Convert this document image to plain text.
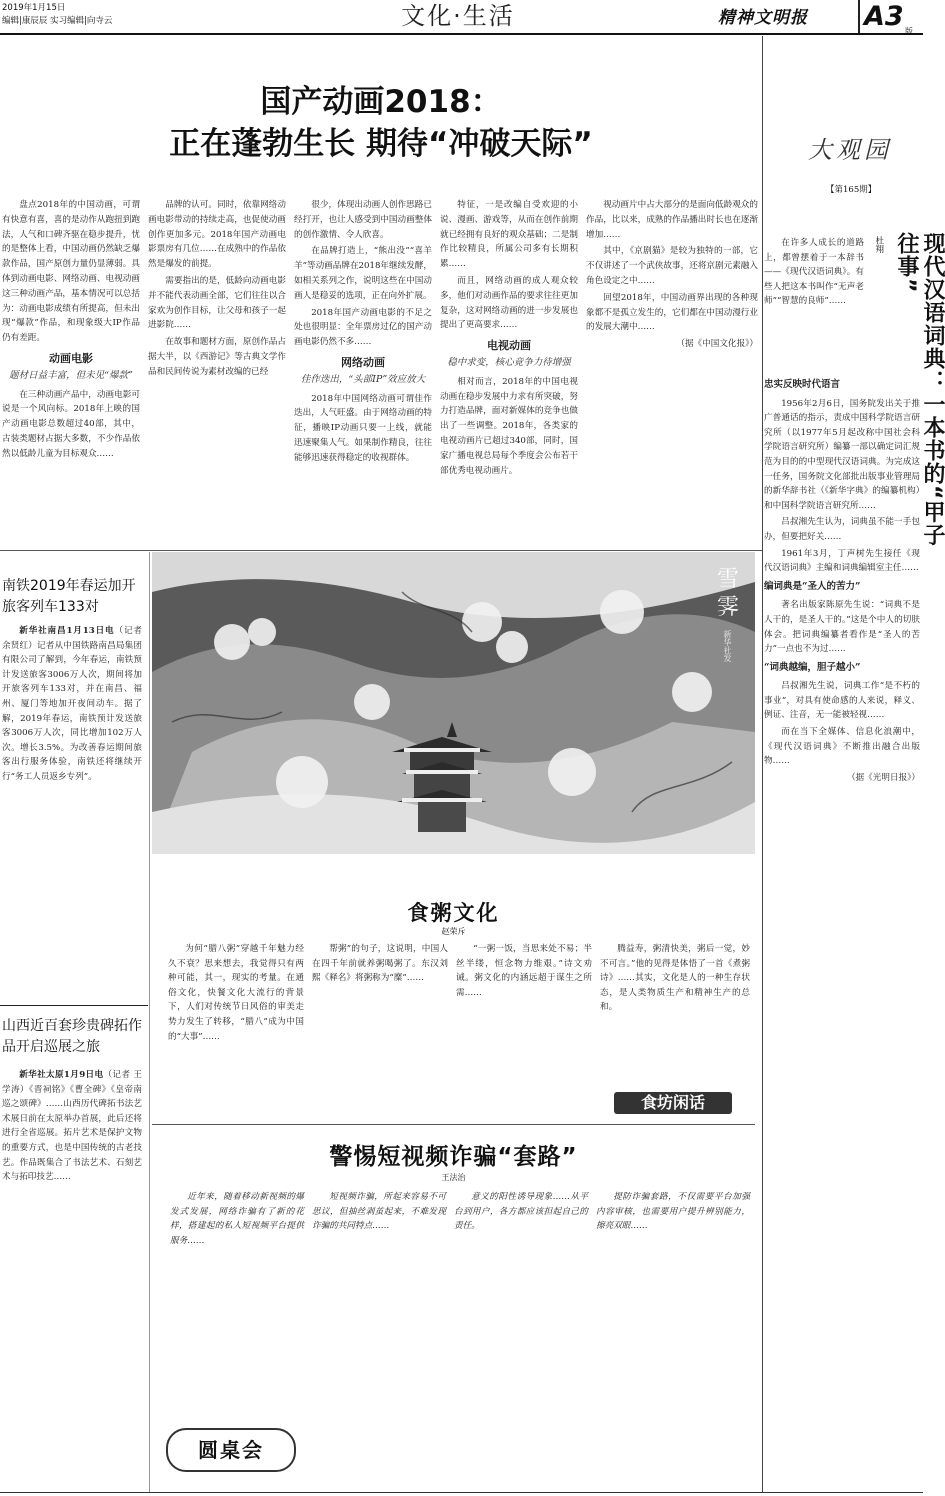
2019年1月15日
编辑|康辰辰 实习编辑|向寺云	文化·生活	精神文明报 A3 版
国产动画2018：
正在蓬勃生长 期待“冲破天际”

盘点2018年的中国动画，可谓有快意有喜，喜的是动作从跑扭到跑法，人气和口碑齐驱在稳步提升，忧的是整体上看，中国动画仍然缺乏爆款作品，国产原创力量仍显薄弱。具体到动画电影、网络动画、电视动画这三种动画产品，基本情况可以总括为：动画电影成绩有所提高，但未出现“爆款”作品，和现象级大IP作品仍有差距。

动画电影
题材日益丰富，但未见“爆款”

在三种动画产品中，动画电影可说是一个风向标。2018年上映的国产动画电影总数超过40部，其中，古装类题材占据大多数，不少作品依然以低龄儿童为目标观众……

品牌的认可。同时，依靠网络动画电影带动的持续走高，也促使动画创作更加多元。2018年国产动画电影票房有几位……在成熟中的作品依然是爆发的前提。

需要指出的是，低龄向动画电影并不能代表动画全部，它们往往以合家欢为创作目标，让父母和孩子一起进影院……

在故事和题材方面，原创作品占据大半，以《西游记》等古典文学作品和民间传说为素材改编的已经

很少，体现出动画人创作思路已经打开，也让人感受到中国动画整体的创作激情、令人欣喜。

在品牌打造上，“熊出没”“喜羊羊”等动画品牌在2018年继续发酵，如相关系列之作，说明这些在中国动画人是稳妥的选项，正在向外扩展。

2018年国产动画电影的不足之处也很明显：全年票房过亿的国产动画电影仍然不多……

网络动画
佳作迭出，“头部IP”效应放大

2018年中国网络动画可谓佳作迭出，人气旺盛。由于网络动画的特征，播映IP动画只要一上线，就能迅速聚集人气。如果制作精良，往往能够迅速获得稳定的收视群体。

特征，一是改编自受欢迎的小说、漫画、游戏等，从而在创作前期就已经拥有良好的观众基础；二是制作比较精良，所属公司多有长期积累……

而且，网络动画的成人观众较多，他们对动画作品的要求往往更加复杂，这对网络动画的进一步发展也提出了更高要求……

电视动画
稳中求变，核心竞争力待增强

相对而言，2018年的中国电视动画在稳步发展中力求有所突破，努力打造品牌，面对新媒体的竞争也做出了一些调整。2018年，各类家的电视动画片已超过340部，同时，国家广播电视总局每个季度会公布若干部优秀电视动画片。

视动画片中占大部分的是面向低龄观众的作品，比以来，成熟的作品播出时长也在逐渐增加……

其中，《京剧猫》是较为独特的一部，它不仅讲述了一个武侠故事，还将京剧元素融入角色设定之中……

回望2018年，中国动画界出现的各种现象都不是孤立发生的，它们都在中国动漫行业的发展大潮中……

（据《中国文化报》）
南铁2019年春运加开旅客列车133对

新华社南昌1月13日电（记者 余贤红）记者从中国铁路南昌局集团有限公司了解到，今年春运，南铁预计发送旅客3006万人次，期间将加开旅客列车133对，并在南昌、福州、厦门等地加开夜间动车。据了解，2019年春运，南铁预计发送旅客3006万人次，同比增加102万人次。增长3.5%。为改善春运期间旅客出行服务体验，南铁还将继续开行“务工人员返乡专列”。

山西近百套珍贵碑拓作品开启巡展之旅

新华社太原1月9日电（记者 王学涛）《晋祠铭》《曹全碑》《皇帝南巡之颂碑》……山西历代碑拓书法艺术展日前在太原举办首展，此后还将进行全省巡展。拓片艺术是保护文物的重要方式，也是中国传统的古老技艺。作品既集合了书法艺术、石刻艺术与拓印技艺……

雪
霁
新华社发
食粥文化
赵荣斥

为何“腊八粥”穿越千年魅力经久不衰？思来想去，我觉得只有两种可能，其一，现实的考量。在通俗文化，快餐文化大流行的背景下，人们对传统节日风俗的审美走势力发生了转移，“腊八”成为中国的“大事”……

帮粥”的句子，这说明，中国人在四千年前就养粥喝粥了。东汉刘熙《释名》将粥称为“糜”……

“一粥一饭，当思来处不易；半丝半缕，恒念物力维艰。”诗文劝诫。粥文化的内涵远超于谋生之所需……

腾益寿，粥清快美，粥后一觉，妙不可言。”他的见得是体悟了一首《煮粥诗》……其实，文化是人的一种生存状态，是人类物质生产和精神生产的总和。

食坊闲话
警惕短视频诈骗“套路”
王法治

近年来，随着移动新视频的爆发式发展，网络诈骗有了新的花样，搭建起的私人短视频平台提供服务……

短视频诈骗，所起来容易不可思议，但抽丝剥茧起来，不难发现诈骗的共同特点……

意义的阳性诱导现象……从平台到用户，各方都应该担起自己的责任。

提防诈骗套路，不仅需要平台加强内容审核，也需要用户提升辨别能力，擦亮双眼……

圆桌会
大观园
【第165期】
现代汉语词典：一本书的“甲子往事”
杜翔

在许多人成长的道路上，都曾摆着于一本辞书——《现代汉语词典》。有些人把这本书叫作“无声老师”“智慧的良师”……

忠实反映时代语言

1956年2月6日，国务院发出关于推广普通话的指示，责成中国科学院语言研究所（以1977年5月起改称中国社会科学院语言研究所）编纂一部以确定词汇规范为目的的中型现代汉语词典。为完成这一任务，国务院文化部批出版事业管理局的新华辞书社（《新华字典》的编纂机构）和中国科学院语言研究所……

吕叔湘先生认为，词典虽不能一手包办，但要把好关……

1961年3月，丁声树先生接任《现代汉语词典》主编和词典编辑室主任……

编词典是“圣人的苦力”

著名出版家陈原先生说：“词典不是人干的，是圣人干的。”这是个中人的切肤体会。把词典编纂者看作是“圣人的苦力”一点也不为过……

“词典越编，胆子越小”

吕叔湘先生说，词典工作“是不朽的事业”，对具有使命感的人来说，释义、例证、注音，无一能被轻视……

而在当下全媒体、信息化浪潮中，《现代汉语词典》不断推出融合出版物……

（据《光明日报》）
